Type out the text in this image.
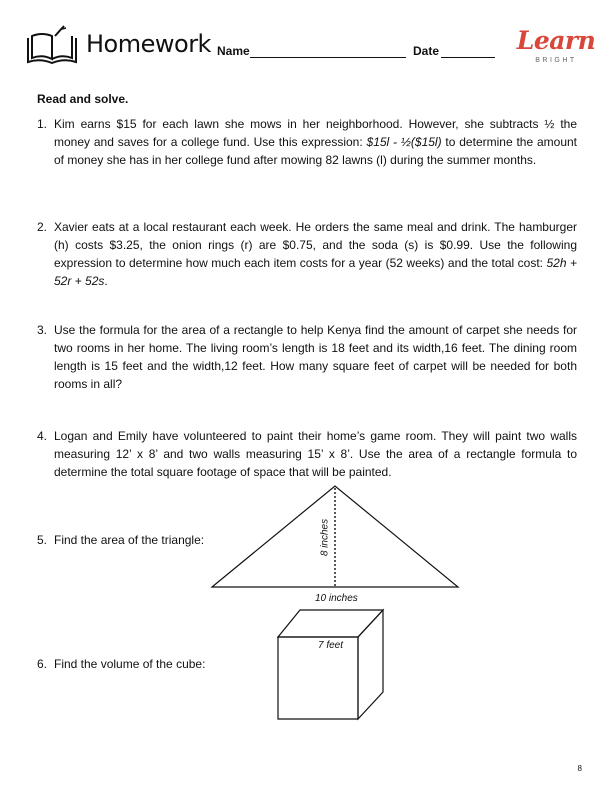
Homework Name	Date	Learn
BRIGHT
Read and solve.
1. Kim earns $15 for each lawn she mows in her neighborhood. However, she subtracts ½ the money and saves for a college fund. Use this expression: $15l - ½($15l) to determine the amount of money she has in her college fund after mowing 82 lawns (l) during the summer months.
2. Xavier eats at a local restaurant each week. He orders the same meal and drink. The hamburger (h) costs $3.25, the onion rings (r) are $0.75, and the soda (s) is $0.99. Use the following expression to determine how much each item costs for a year (52 weeks) and the total cost: 52h + 52r + 52s.
3. Use the formula for the area of a rectangle to help Kenya find the amount of carpet she needs for two rooms in her home. The living room’s length is 18 feet and its width,16 feet. The dining room length is 15 feet and the width,12 feet. How many square feet of carpet will be needed for both rooms in all?
4. Logan and Emily have volunteered to paint their home’s game room. They will paint two walls measuring 12’ x 8’ and two walls measuring 15’ x 8’. Use the area of a rectangle formula to determine the total square footage of space that will be painted.
5. Find the area of the triangle:
6. Find the volume of the cube:
8 inches
10 inches
7 feet
8
